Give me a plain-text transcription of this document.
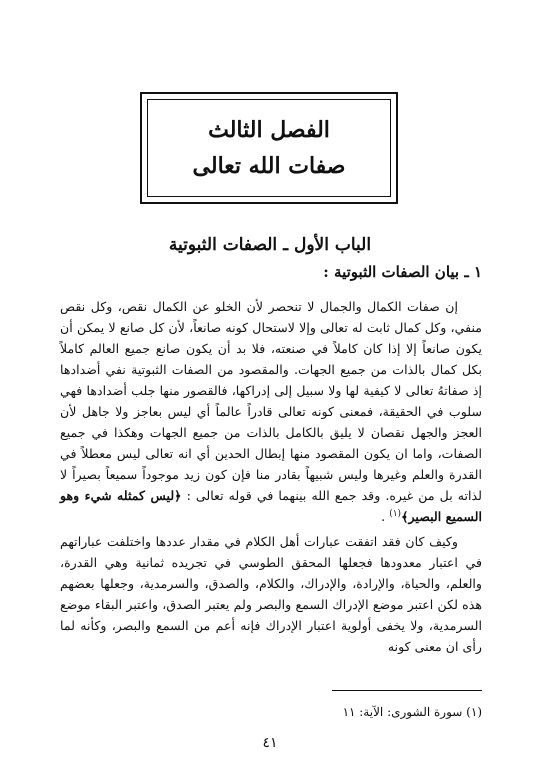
الفصل الثالث
صفات الله تعالى
الباب الأول ـ الصفات الثبوتية
١ ـ بيان الصفات الثبوتية :

إن صفات الكمال والجمال لا تنحصر لأن الخلو عن الكمال نقص، وكل نقص منفي، وكل كمال ثابت له تعالى وإلا لاستحال كونه صانعاً، لأن كل صانع لا يمكن أن يكون صانعاً إلا إذا كان كاملاً في صنعته، فلا بد أن يكون صانع جميع العالم كاملاً بكل كمال بالذات من جميع الجهات. والمقصود من الصفات الثبوتية نفي أضدادها إذ صفاتهُ تعالى لا كيفية لها ولا سبيل إلى إدراكها، فالقصور منها جلب أضدادها فهي سلوب في الحقيقة، فمعنى كونه تعالى قادراً عالماً أي ليس بعاجز ولا جاهل لأن العجز والجهل نقصان لا يليق بالكامل بالذات من جميع الجهات وهكذا في جميع الصفات، واما ان يكون المقصود منها إبطال الحدين أي انه تعالى ليس معطلاً في القدرة والعلم وغيرها وليس شبيهاً بقادر منا فإن كون زيد موجوداً سميعاً بصيراً لا لذاته بل من غيره. وقد جمع الله بينهما في قوله تعالى : ﴿ليس كمثله شيء وهو السميع البصير﴾$^{(١)}$ .

وكيف كان فقد اتفقت عبارات أهل الكلام في مقدار عددها واختلفت عباراتهم في اعتبار معدودها فجعلها المحقق الطوسي في تجريده ثمانية وهي القدرة، والعلم، والحياة، والإرادة، والإدراك، والكلام، والصدق، والسرمدية، وجعلها بعضهم هذه لكن اعتبر موضع الإدراك السمع والبصر ولم يعتبر الصدق، واعتبر البقاء موضع السرمدية، ولا يخفى أولوية اعتبار الإدراك فإنه أعم من السمع والبصر، وكأنه لما رأى ان معنى كونه

(١) سورة الشورى: الآية: ١١
٤١
